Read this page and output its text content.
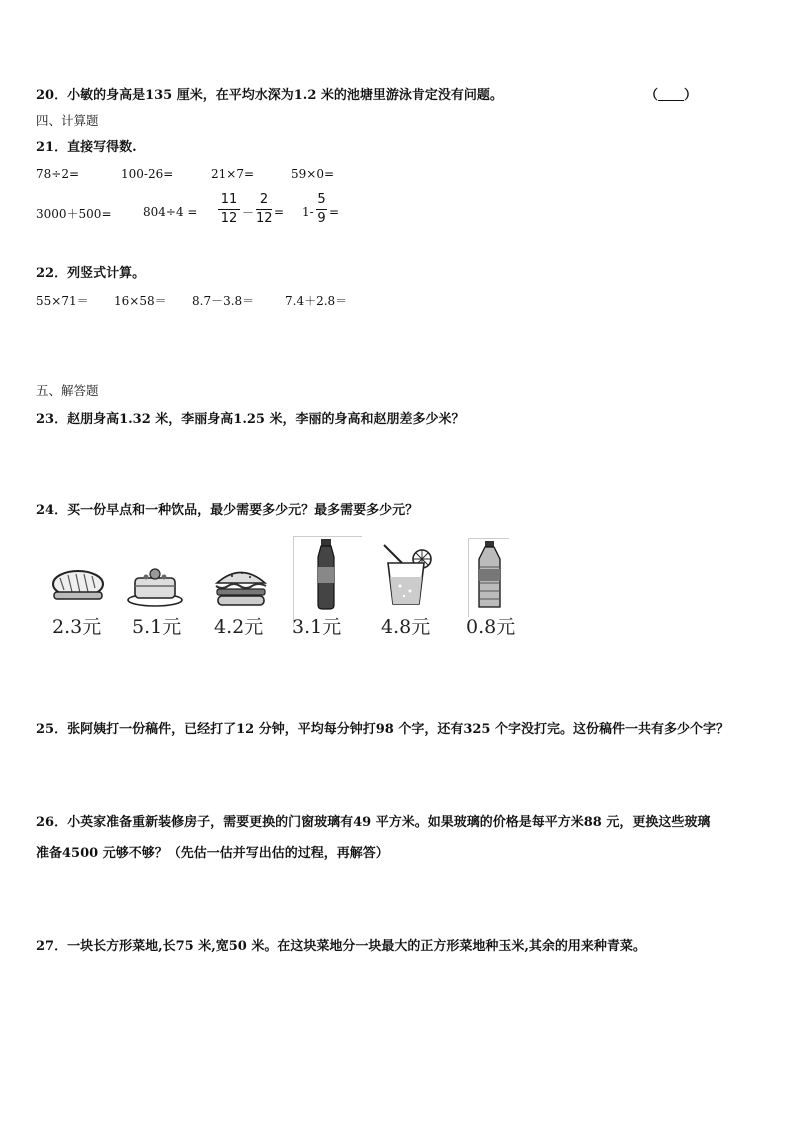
20．小敏的身高是135 厘米，在平均水深为1.2 米的池塘里游泳肯定没有问题。	（ ）
四、计算题
21．直接写得数.
78÷2=	100-26=	21×7=	59×0=
3000＋500=	804÷4 =
11
12 －
2
12 = 1-
5
9 =
22．列竖式计算。
55×71＝ 16×58＝ 8.7－3.8＝	7.4＋2.8＝
五、解答题
23．赵朋身高1.32 米，李丽身高1.25 米，李丽的身高和赵朋差多少米？
24．买一份早点和一种饮品，最少需要多少元？最多需要多少元？
2.3元 5.1元 4.2元 3.1元 4.8元 0.8元
25．张阿姨打一份稿件，已经打了12 分钟，平均每分钟打98 个字，还有325 个字没打完。这份稿件一共有多少个字？
26．小英家准备重新装修房子，需要更换的门窗玻璃有49 平方米。如果玻璃的价格是每平方米88 元，更换这些玻璃
准备4500 元够不够？（先估一估并写出估的过程，再解答）
27．一块长方形菜地,长75 米,宽50 米。在这块菜地分一块最大的正方形菜地种玉米,其余的用来种青菜。
